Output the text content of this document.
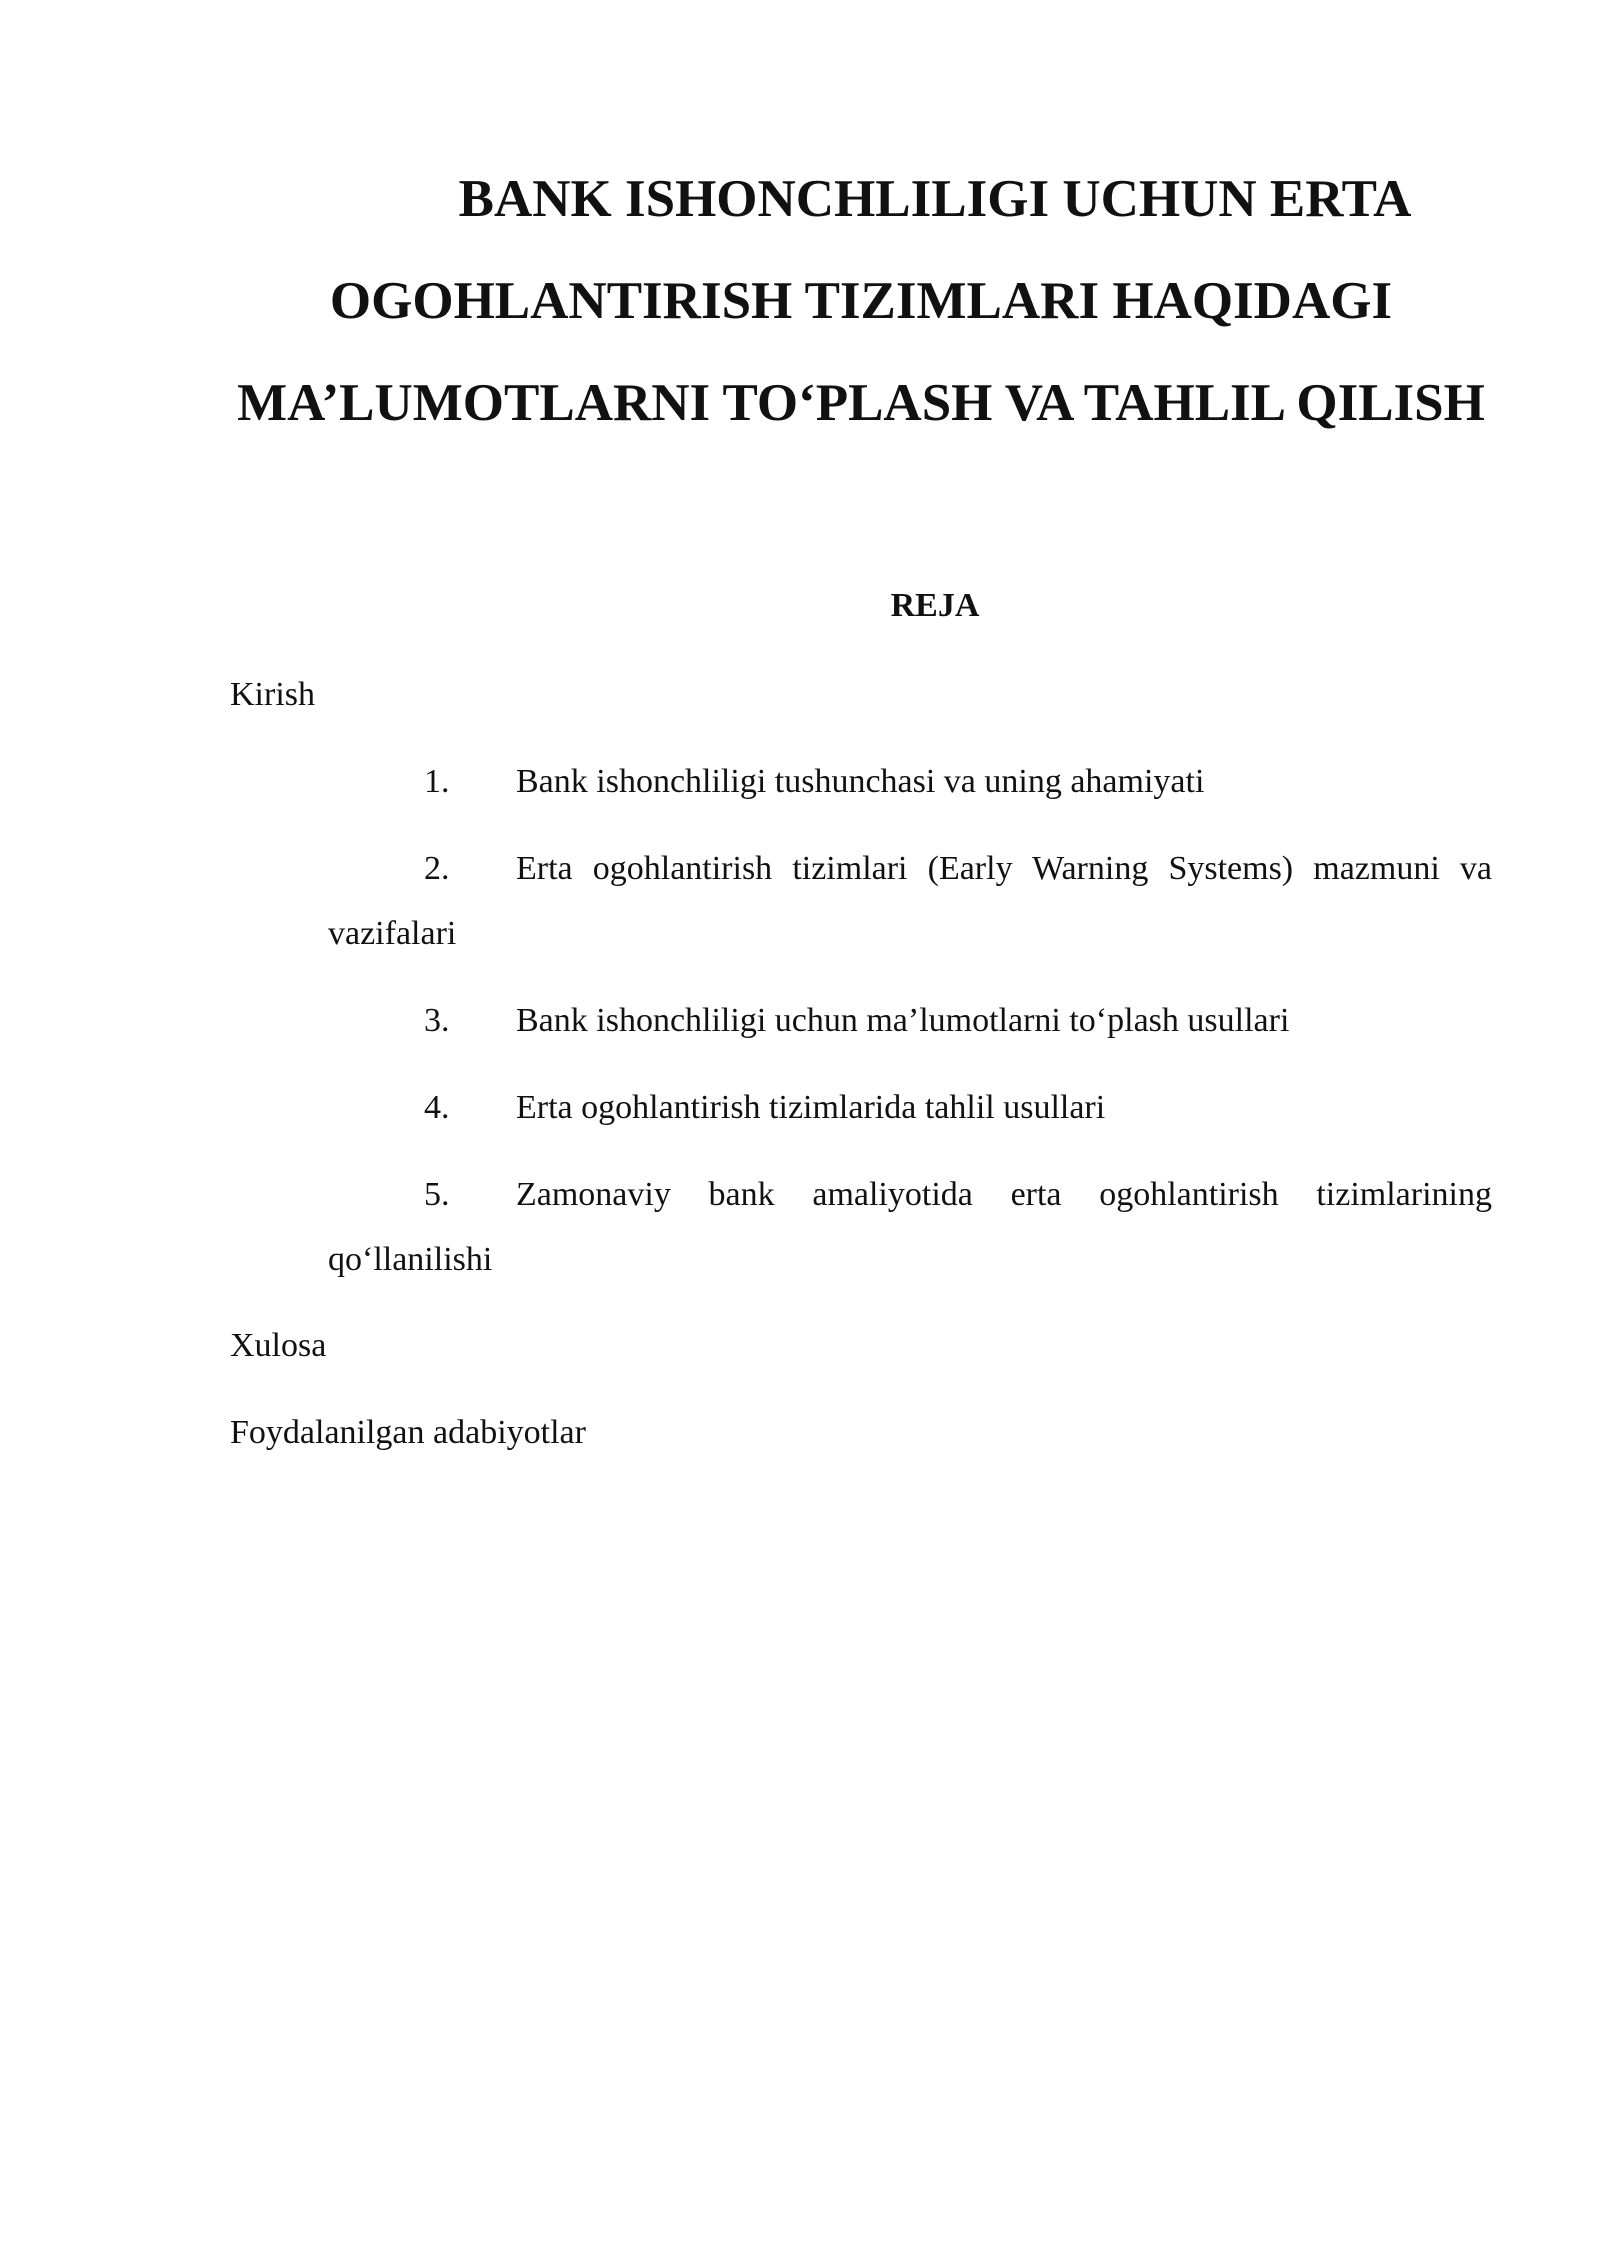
BANK ISHONCHLILIGI UCHUN ERTA OGOHLANTIRISH TIZIMLARI HAQIDAGI MA’LUMOTLARNI TO‘PLASH VA TAHLIL QILISH

REJA

Kirish

1. Bank ishonchliligi tushunchasi va uning ahamiyati

2. Erta ogohlantirish tizimlari (Early Warning Systems) mazmuni va vazifalari

3. Bank ishonchliligi uchun ma’lumotlarni to‘plash usullari

4. Erta ogohlantirish tizimlarida tahlil usullari

5. Zamonaviy bank amaliyotida erta ogohlantirish tizimlarining qo‘llanilishi

Xulosa

Foydalanilgan adabiyotlar
